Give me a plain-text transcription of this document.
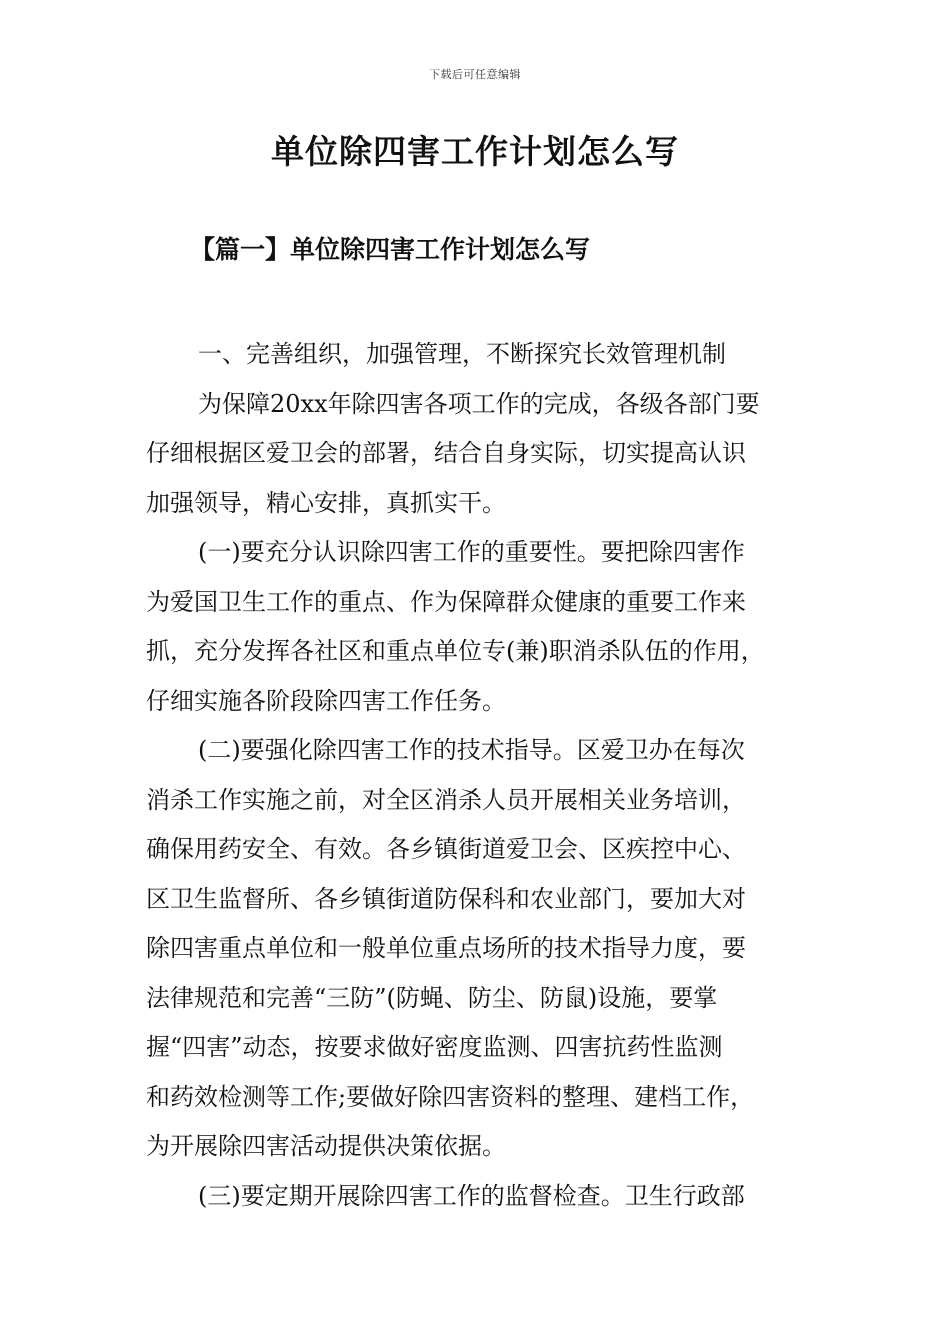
下载后可任意编辑
单位除四害工作计划怎么写
【篇一】单位除四害工作计划怎么写

一、完善组织，加强管理，不断探究长效管理机制

为保障20xx年除四害各项工作的完成，各级各部门要
仔细根据区爱卫会的部署，结合自身实际，切实提高认识
加强领导，精心安排，真抓实干。

(一)要充分认识除四害工作的重要性。要把除四害作
为爱国卫生工作的重点、作为保障群众健康的重要工作来
抓，充分发挥各社区和重点单位专(兼)职消杀队伍的作用，
仔细实施各阶段除四害工作任务。

(二)要强化除四害工作的技术指导。区爱卫办在每次
消杀工作实施之前，对全区消杀人员开展相关业务培训，
确保用药安全、有效。各乡镇街道爱卫会、区疾控中心、
区卫生监督所、各乡镇街道防保科和农业部门，要加大对
除四害重点单位和一般单位重点场所的技术指导力度，要
法律规范和完善“三防”(防蝇、防尘、防鼠)设施，要掌
握“四害”动态，按要求做好密度监测、四害抗药性监测
和药效检测等工作;要做好除四害资料的整理、建档工作，
为开展除四害活动提供决策依据。

(三)要定期开展除四害工作的监督检查。卫生行政部
